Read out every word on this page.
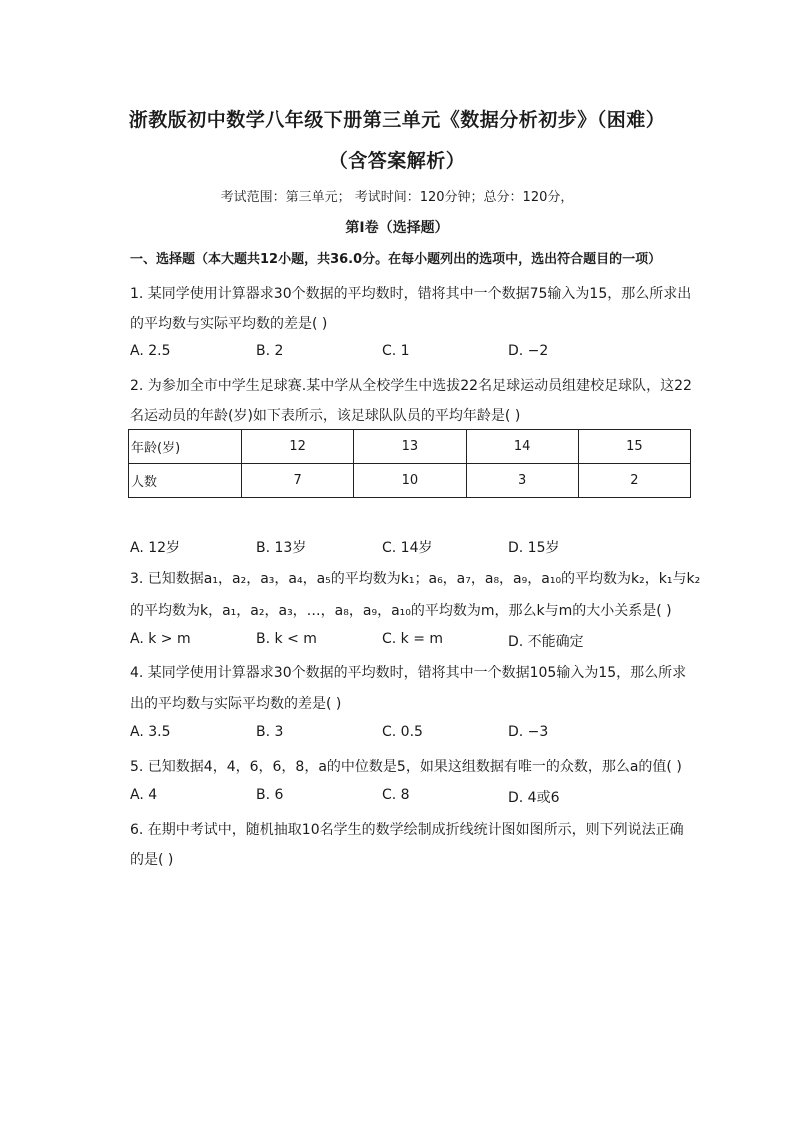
浙教版初中数学八年级下册第三单元《数据分析初步》（困难）
（含答案解析）
考试范围：第三单元； 考试时间：120分钟；总分：120分，
第I卷（选择题）
一、选择题（本大题共12小题，共36.0分。在每小题列出的选项中，选出符合题目的一项）
1. 某同学使用计算器求30个数据的平均数时，错将其中一个数据75输入为15，那么所求出
的平均数与实际平均数的差是( )
A. 2.5	B. 2	C. 1	D. −2
2. 为参加全市中学生足球赛.某中学从全校学生中选拔22名足球运动员组建校足球队，这22
名运动员的年龄(岁)如下表所示，该足球队队员的平均年龄是( )
年龄(岁)	12	13	14	15
人数	7	10	3	2
A. 12岁	B. 13岁	C. 14岁	D. 15岁
3. 已知数据a₁，a₂，a₃，a₄，a₅的平均数为k₁；a₆，a₇，a₈，a₉，a₁₀的平均数为k₂，k₁与k₂
的平均数为k，a₁，a₂，a₃，…，a₈，a₉，a₁₀的平均数为m，那么k与m的大小关系是( )
A. k > m	B. k < m	C. k = m	D. 不能确定
4. 某同学使用计算器求30个数据的平均数时，错将其中一个数据105输入为15，那么所求
出的平均数与实际平均数的差是( )
A. 3.5	B. 3	C. 0.5	D. −3
5. 已知数据4，4，6，6，8，a的中位数是5，如果这组数据有唯一的众数，那么a的值( )
A. 4	B. 6	C. 8	D. 4或6
6. 在期中考试中，随机抽取10名学生的数学绘制成折线统计图如图所示，则下列说法正确
的是( )
